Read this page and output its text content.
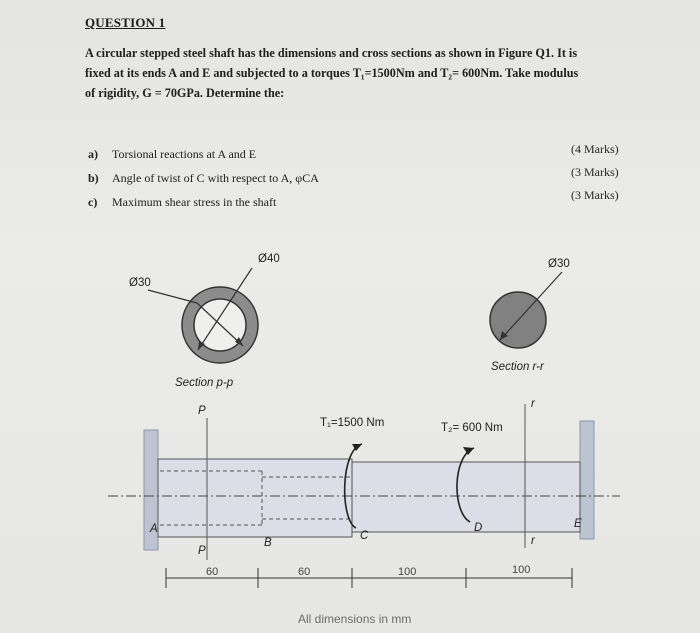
QUESTION 1
A circular stepped steel shaft has the dimensions and cross sections as shown in Figure Q1. It is
fixed at its ends A and E and subjected to a torques T₁=1500Nm and T₂= 600Nm. Take modulus
of rigidity, G = 70GPa. Determine the:
a) Torsional reactions at A and E	(4 Marks)
b) Angle of twist of C with respect to A, φCA	(3 Marks)
c) Maximum shear stress in the shaft	(3 Marks)
Ø40
Ø30
Section p-p
Ø30
Section r-r
T₁=1500 Nm	T₂= 600 Nm
P
P
r
r
A
B
C
D	E
60	60	100	100
All dimensions in mm
